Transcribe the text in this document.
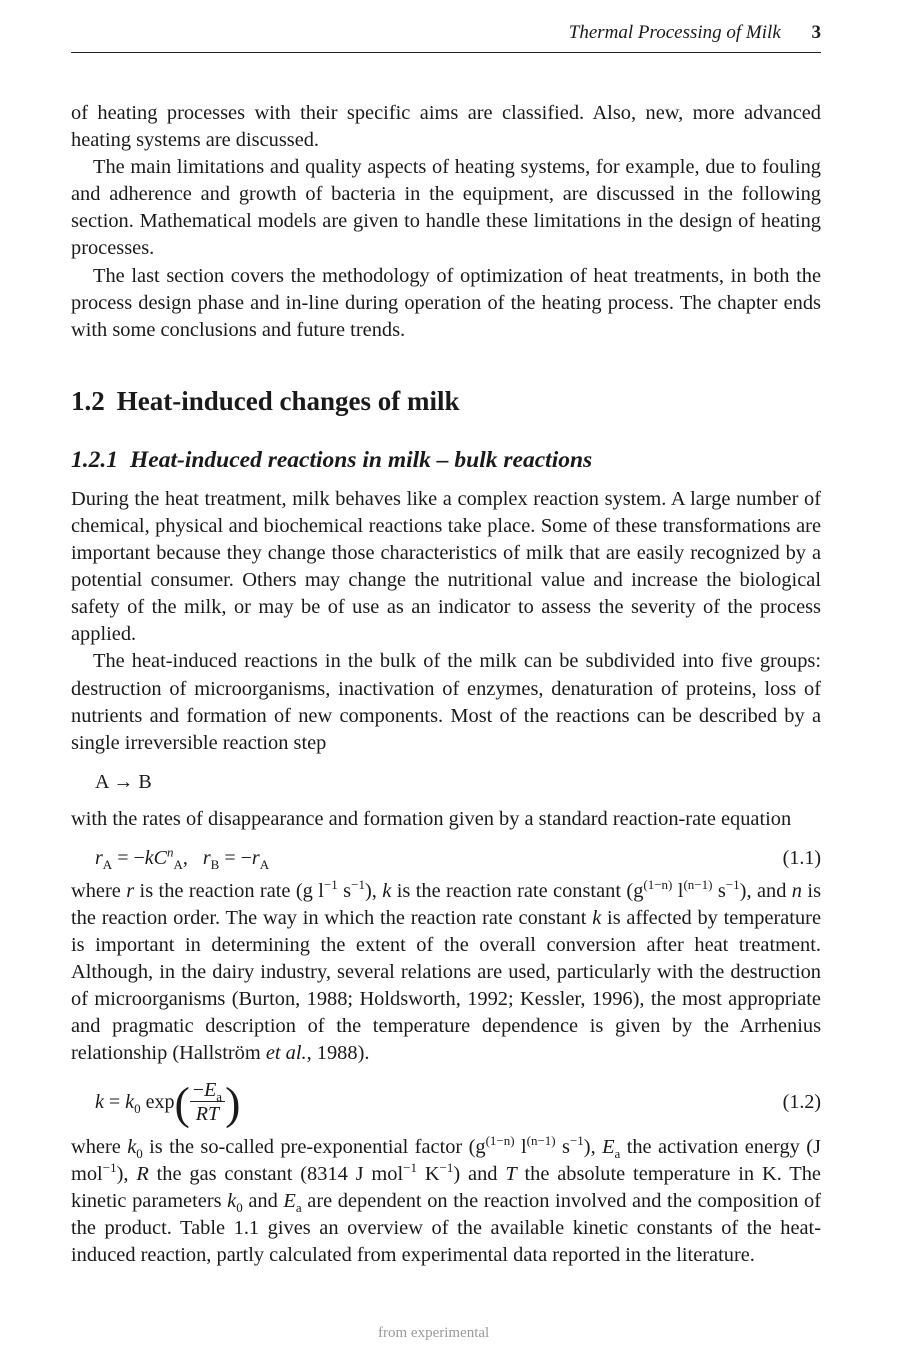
Thermal Processing of Milk 3

of heating processes with their specific aims are classified. Also, new, more advanced heating systems are discussed.

The main limitations and quality aspects of heating systems, for example, due to fouling and adherence and growth of bacteria in the equipment, are discussed in the following section. Mathematical models are given to handle these limitations in the design of heating processes.

The last section covers the methodology of optimization of heat treatments, in both the process design phase and in-line during operation of the heating process. The chapter ends with some conclusions and future trends.

1.2 Heat-induced changes of milk
1.2.1 Heat-induced reactions in milk – bulk reactions

During the heat treatment, milk behaves like a complex reaction system. A large number of chemical, physical and biochemical reactions take place. Some of these transformations are important because they change those characteristics of milk that are easily recognized by a potential consumer. Others may change the nutritional value and increase the biological safety of the milk, or may be of use as an indicator to assess the severity of the process applied.

The heat-induced reactions in the bulk of the milk can be subdivided into five groups: destruction of microorganisms, inactivation of enzymes, denaturation of proteins, loss of nutrients and formation of new components. Most of the reactions can be described by a single irreversible reaction step

A → B

with the rates of disappearance and formation given by a standard reaction-rate equation

$r_A = -kC^n_A$,   $r_B = -r_A$	(1.1)

where r is the reaction rate (g $l^{-1}$ $s^{-1}$), k is the reaction rate constant ($g^{(1-n)}$ $l^{(n-1)}$ $s^{-1}$), and n is the reaction order. The way in which the reaction rate constant k is affected by temperature is important in determining the extent of the overall conversion after heat treatment. Although, in the dairy industry, several relations are used, particularly with the destruction of microorganisms (Burton, 1988; Holdsworth, 1992; Kessler, 1996), the most appropriate and pragmatic description of the temperature dependence is given by the Arrhenius relationship (Hallström et al., 1988).

$k = k_0$ $\exp( \frac{-E_a}{RT}$ )	(1.2)

where $k_0$ is the so-called pre-exponential factor ($g^{(1-n)}$ $l^{(n-1)}$ $s^{-1}$), $E_a$ the activation energy (J mol$^{-1}$), R the gas constant (8314 J mol$^{-1}$ $K^{-1}$) and T the absolute temperature in K. The kinetic parameters $k_0$ and $E_a$ are dependent on the reaction involved and the composition of the product. Table 1.1 gives an overview of the available kinetic constants of the heat-induced reaction, partly calculated from experimental data reported in the literature.

from experimental
